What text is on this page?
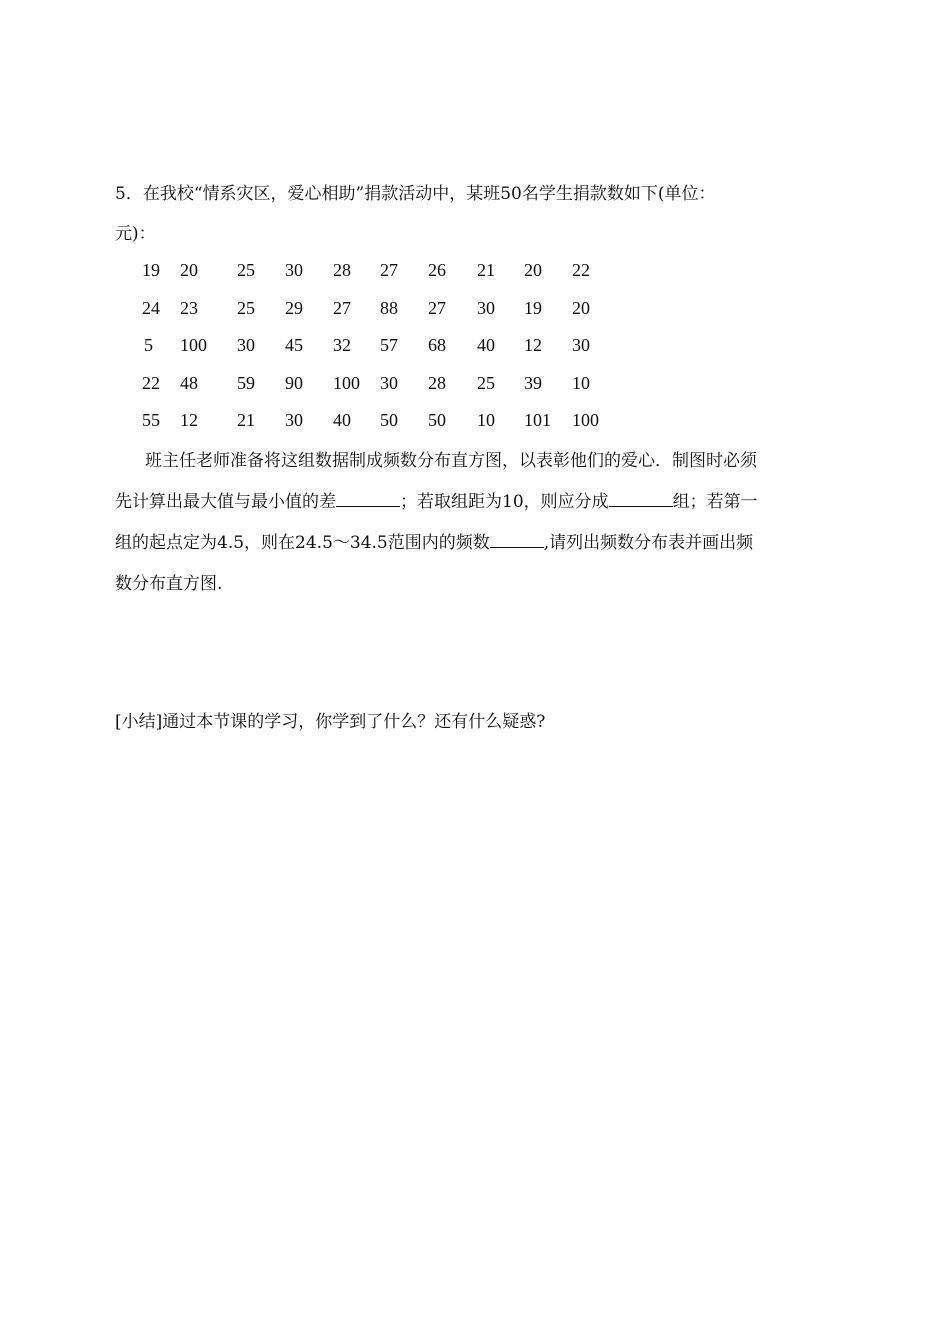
5．在我校“情系灾区，爱心相助”捐款活动中，某班50名学生捐款数如下(单位：
元)：
19 20 25 30 28 27 26 21 20 22
24 23 25 29 27 88 27 30 19 20
5 100 30 45 32 57 68 40 12 30
22 48 59 90 100 30 28 25 39 10
55 12 21 30 40 50 50 10 101 100
班主任老师准备将这组数据制成频数分布直方图，以表彰他们的爱心．制图时必须
先计算出最大值与最小值的差	；若取组距为10，则应分成	组；若第一
组的起点定为4.5，则在24.5～34.5范围内的频数	,请列出频数分布表并画出频
数分布直方图.
[小结]通过本节课的学习，你学到了什么？还有什么疑惑?
